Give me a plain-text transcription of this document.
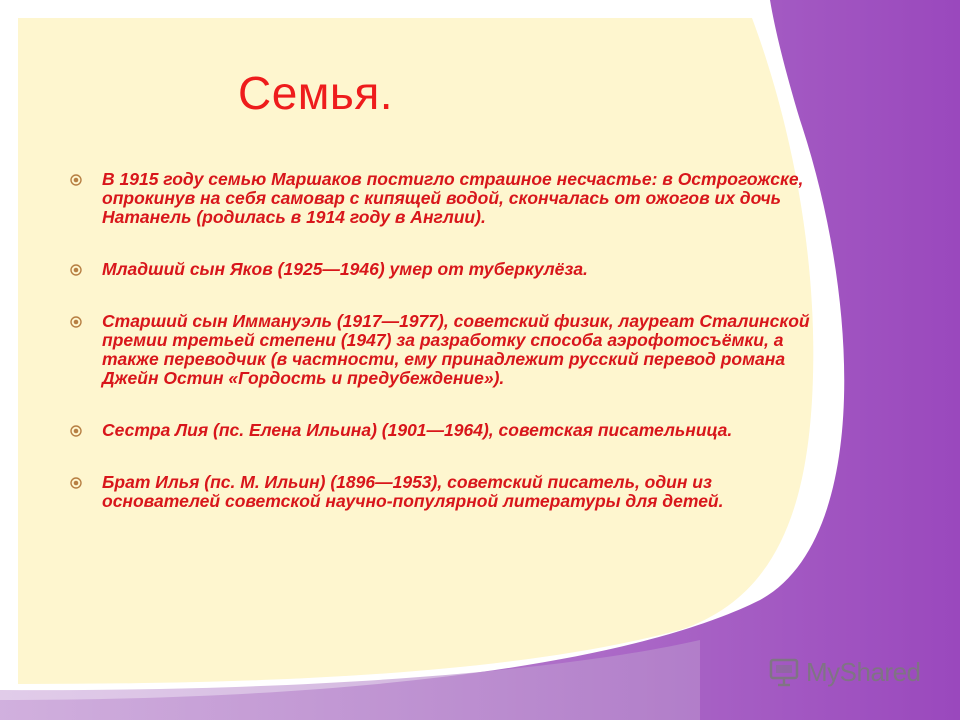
Семья.
В 1915 году семью Маршаков постигло страшное несчастье: в Острогожске, опрокинув на себя самовар с кипящей водой, скончалась от ожогов их дочь Натанель (родилась в 1914 году в Англии).
Младший сын Яков (1925—1946) умер от туберкулёза.
Старший сын Иммануэль (1917—1977), советский физик, лауреат Сталинской премии третьей степени (1947) за разработку способа аэрофотосъёмки, а также переводчик (в частности, ему принадлежит русский перевод романа Джейн Остин «Гордость и предубеждение»).
Сестра Лия (пс. Елена Ильина) (1901—1964), советская писательница.
Брат Илья (пс. М. Ильин) (1896—1953), советский писатель, один из основателей советской научно-популярной литературы для детей.
MyShared
